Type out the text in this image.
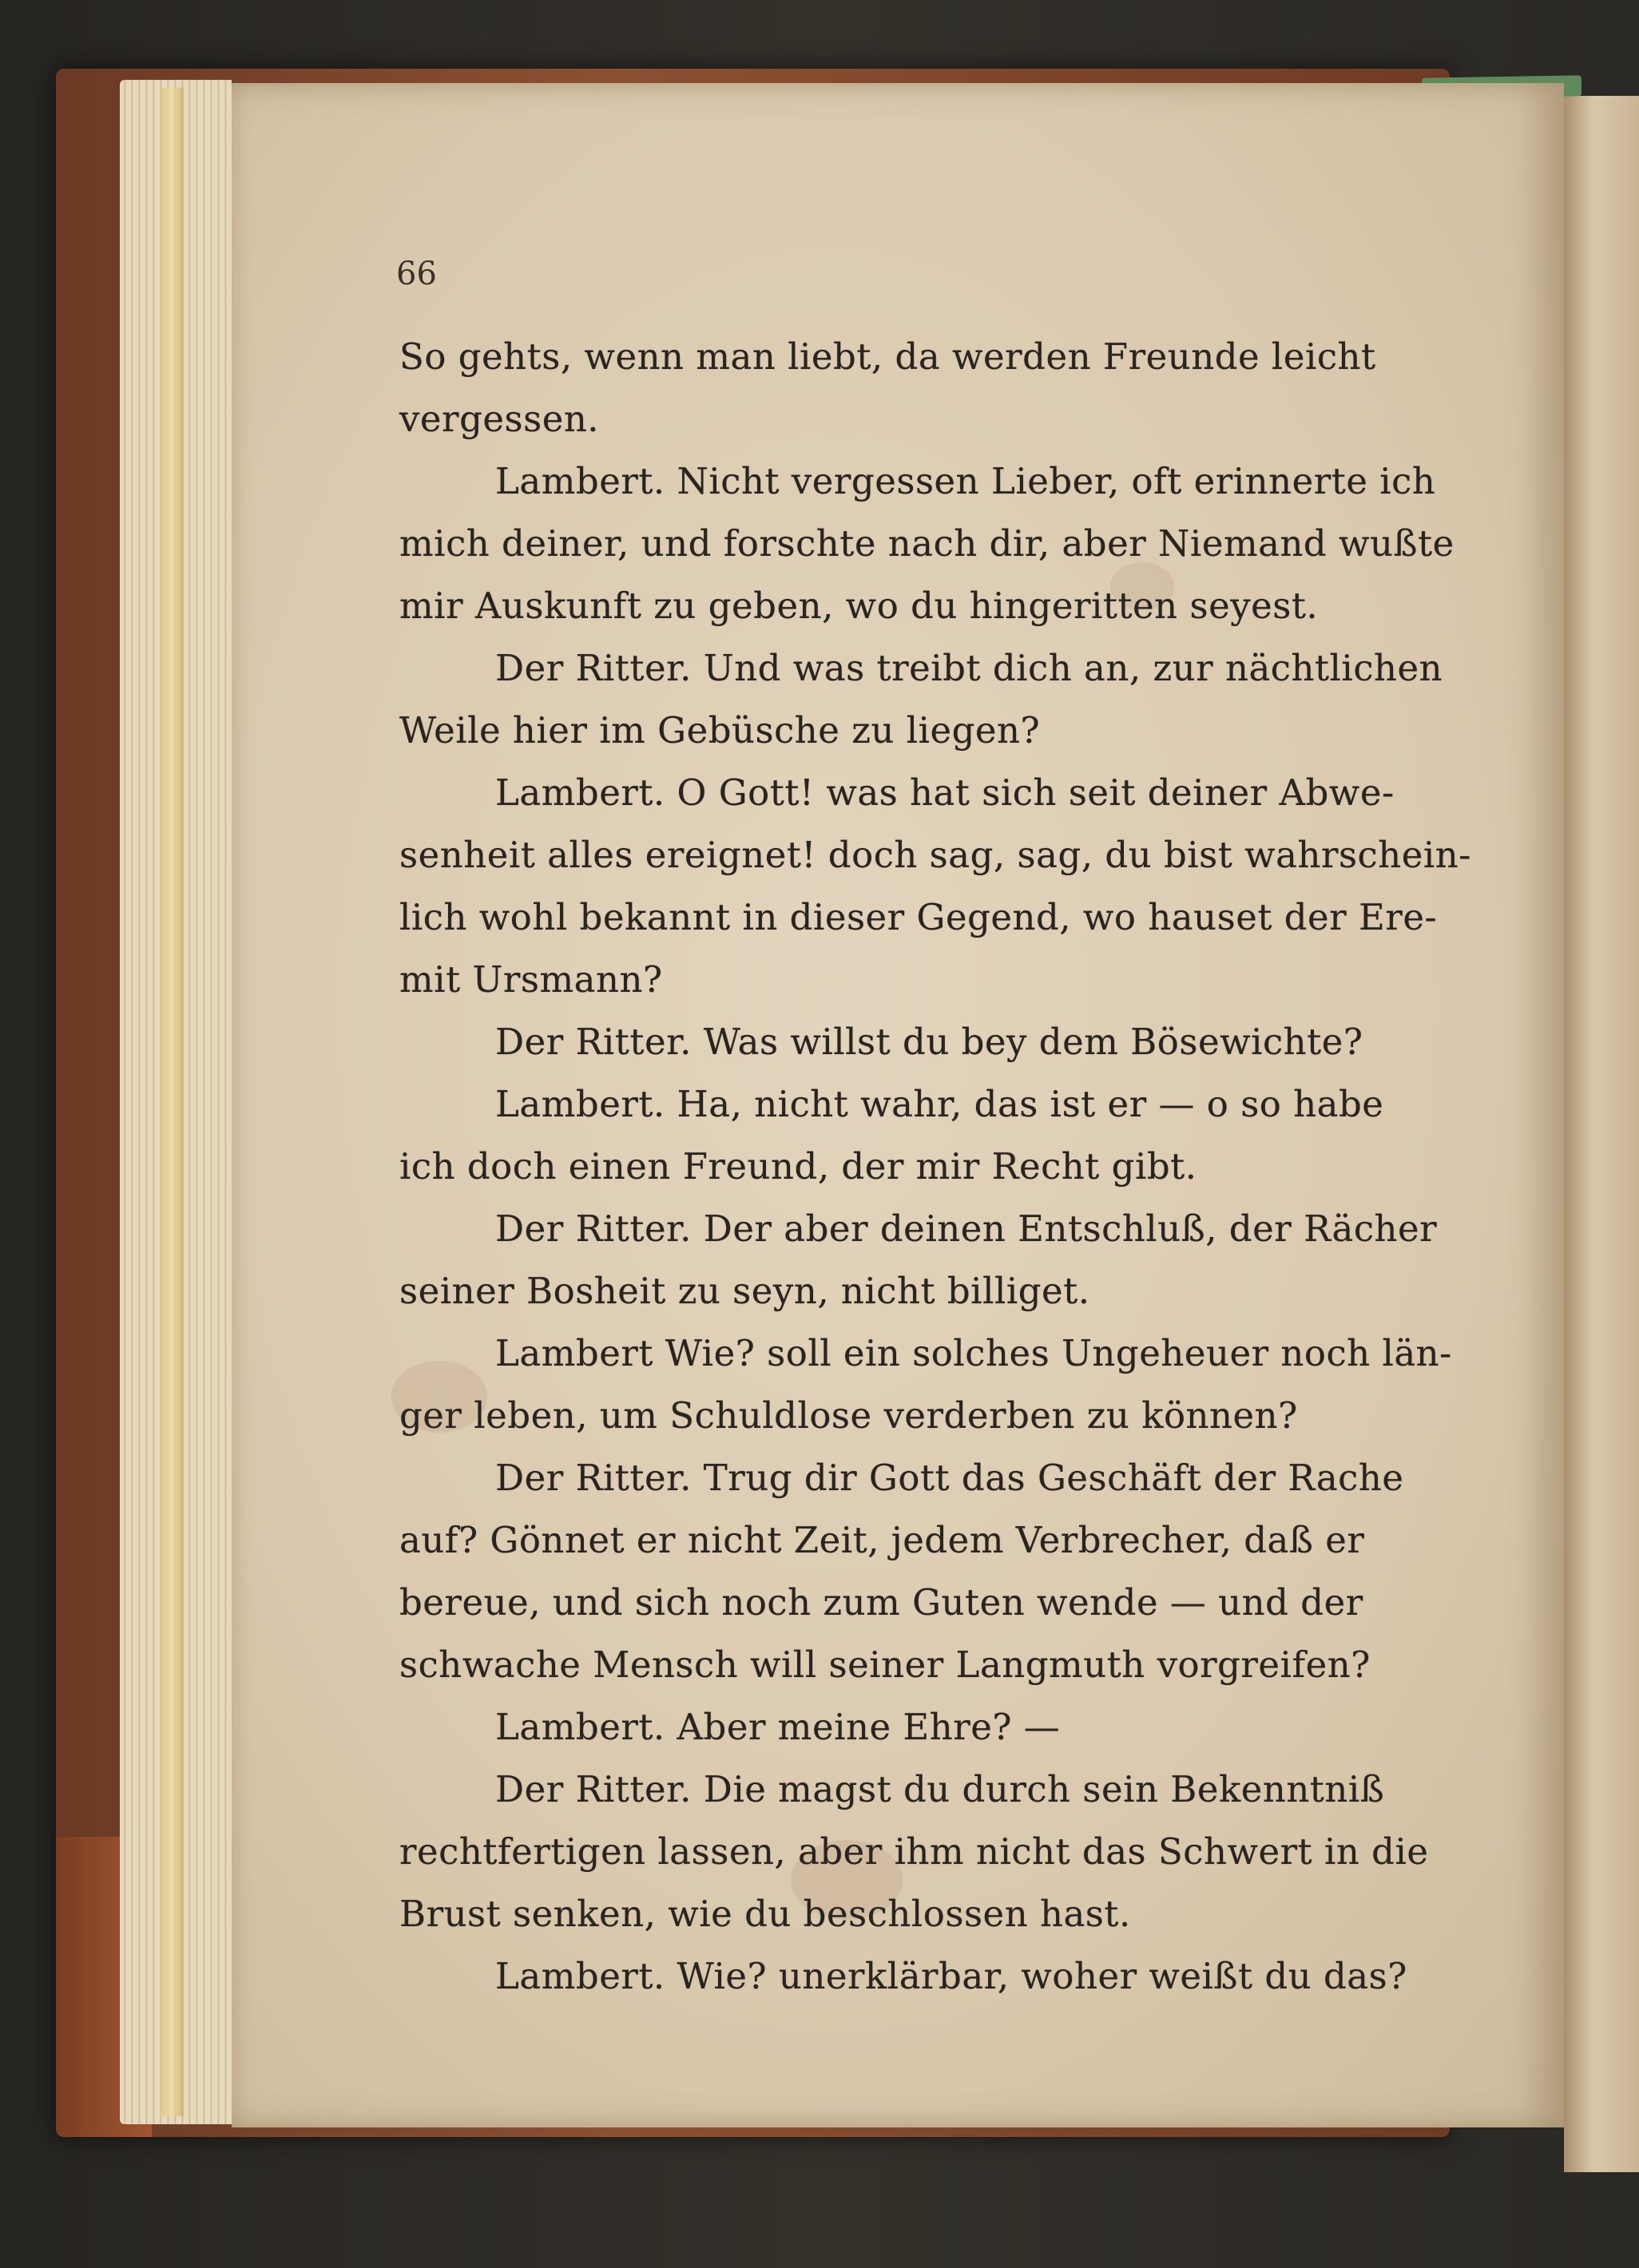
66
So gehts, wenn man liebt, da werden Freunde leicht
vergessen.
Lambert. Nicht vergessen Lieber, oft erinnerte ich
mich deiner, und forschte nach dir, aber Niemand wußte
mir Auskunft zu geben, wo du hingeritten seyest.
Der Ritter. Und was treibt dich an, zur nächtlichen
Weile hier im Gebüsche zu liegen?
Lambert. O Gott! was hat sich seit deiner Abwe-
senheit alles ereignet! doch sag, sag, du bist wahrschein-
lich wohl bekannt in dieser Gegend, wo hauset der Ere-
mit Ursmann?
Der Ritter. Was willst du bey dem Bösewichte?
Lambert. Ha, nicht wahr, das ist er — o so habe
ich doch einen Freund, der mir Recht gibt.
Der Ritter. Der aber deinen Entschluß, der Rächer
seiner Bosheit zu seyn, nicht billiget.
Lambert Wie? soll ein solches Ungeheuer noch län-
ger leben, um Schuldlose verderben zu können?
Der Ritter. Trug dir Gott das Geschäft der Rache
auf? Gönnet er nicht Zeit, jedem Verbrecher, daß er
bereue, und sich noch zum Guten wende — und der
schwache Mensch will seiner Langmuth vorgreifen?
Lambert. Aber meine Ehre? —
Der Ritter. Die magst du durch sein Bekenntniß
rechtfertigen lassen, aber ihm nicht das Schwert in die
Brust senken, wie du beschlossen hast.
Lambert. Wie? unerklärbar, woher weißt du das?
